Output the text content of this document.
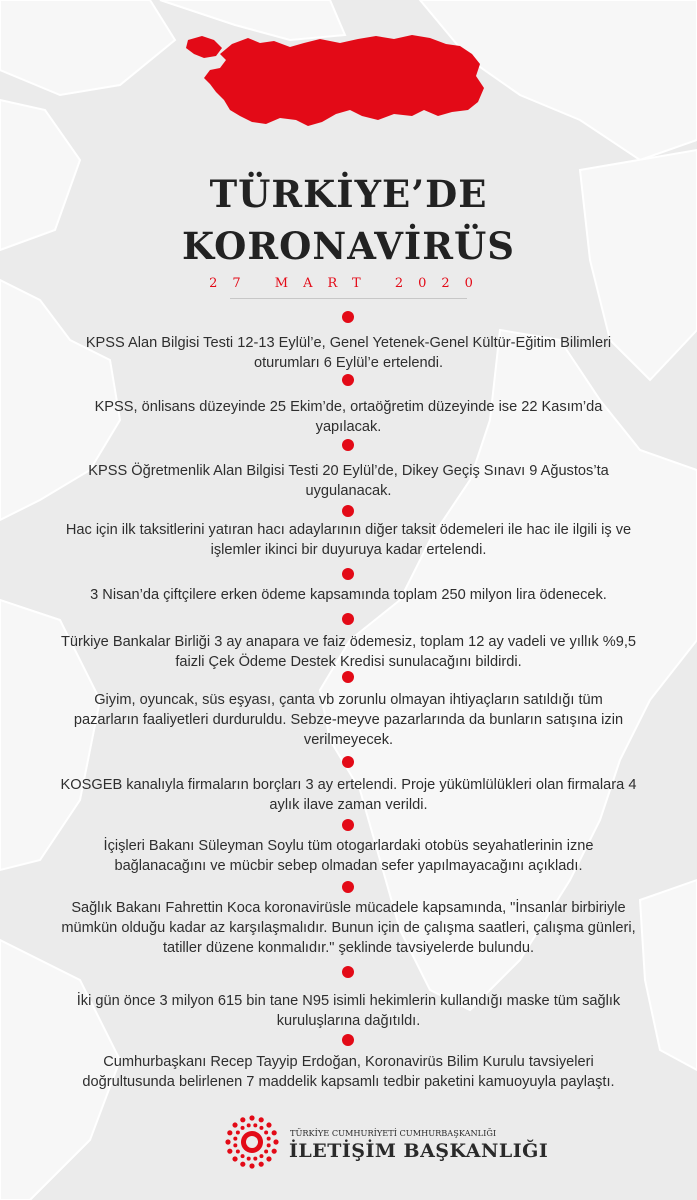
TÜRKİYE’DE
KORONAVİRÜS
27 MART 2020
KPSS Alan Bilgisi Testi 12-13 Eylül’e, Genel Yetenek-Genel Kültür-Eğitim Bilimleri oturumları 6 Eylül’e ertelendi.
KPSS, önlisans düzeyinde 25 Ekim’de, ortaöğretim düzeyinde ise 22 Kasım’da yapılacak.
KPSS Öğretmenlik Alan Bilgisi Testi 20 Eylül’de, Dikey Geçiş Sınavı 9 Ağustos’ta uygulanacak.
Hac için ilk taksitlerini yatıran hacı adaylarının diğer taksit ödemeleri ile hac ile ilgili iş ve işlemler ikinci bir duyuruya kadar ertelendi.
3 Nisan’da çiftçilere erken ödeme kapsamında toplam 250 milyon lira ödenecek.
Türkiye Bankalar Birliği 3 ay anapara ve faiz ödemesiz, toplam 12 ay vadeli ve yıllık %9,5 faizli Çek Ödeme Destek Kredisi sunulacağını bildirdi.
Giyim, oyuncak, süs eşyası, çanta vb zorunlu olmayan ihtiyaçların satıldığı tüm pazarların faaliyetleri durduruldu. Sebze-meyve pazarlarında da bunların satışına izin verilmeyecek.
KOSGEB kanalıyla firmaların borçları 3 ay ertelendi. Proje yükümlülükleri olan firmalara 4 aylık ilave zaman verildi.
İçişleri Bakanı Süleyman Soylu tüm otogarlardaki otobüs seyahatlerinin izne bağlanacağını ve mücbir sebep olmadan sefer yapılmayacağını açıkladı.
Sağlık Bakanı Fahrettin Koca koronavirüsle mücadele kapsamında, "İnsanlar birbiriyle mümkün olduğu kadar az karşılaşmalıdır. Bunun için de çalışma saatleri, çalışma günleri, tatiller düzene konmalıdır." şeklinde tavsiyelerde bulundu.
İki gün önce 3 milyon 615 bin tane N95 isimli hekimlerin kullandığı maske tüm sağlık kuruluşlarına dağıtıldı.
Cumhurbaşkanı Recep Tayyip Erdoğan, Koronavirüs Bilim Kurulu tavsiyeleri doğrultusunda belirlenen 7 maddelik kapsamlı tedbir paketini kamuoyuyla paylaştı.
TÜRKİYE CUMHURİYETİ CUMHURBAŞKANLIĞI
İLETİŞİM BAŞKANLIĞI
